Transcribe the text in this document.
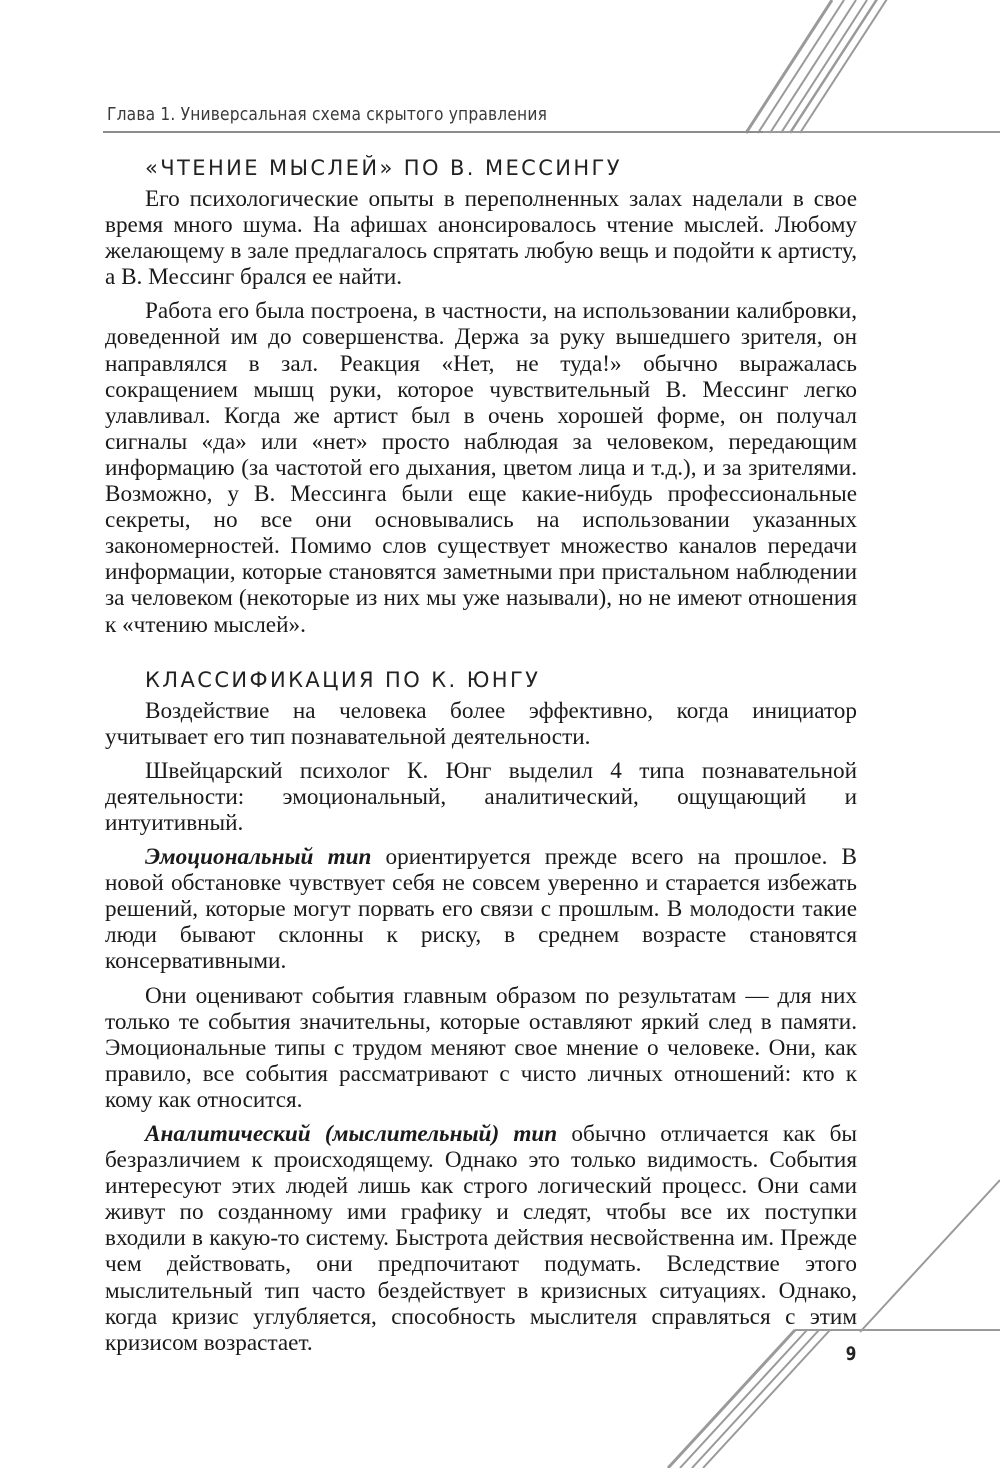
Глава 1. Универсальная схема скрытого управления
«ЧТЕНИЕ МЫСЛЕЙ» ПО В. МЕССИНГУ

Его психологические опыты в переполненных залах наделали в свое время много шума. На афишах анонсировалось чтение мыслей. Любому желающему в зале предлагалось спрятать любую вещь и подойти к артисту, а В. Мессинг брался ее найти.

Работа его была построена, в частности, на использовании калибровки, доведенной им до совершенства. Держа за руку вышедшего зрителя, он направлялся в зал. Реакция «Нет, не туда!» обычно выражалась сокращением мышц руки, которое чувствительный В. Мессинг легко улавливал. Когда же артист был в очень хорошей форме, он получал сигналы «да» или «нет» просто наблюдая за человеком, передающим информацию (за частотой его дыхания, цветом лица и т.д.), и за зрителями. Возможно, у В. Мессинга были еще какие-нибудь профессиональные секреты, но все они основывались на использовании указанных закономерностей. Помимо слов существует множество каналов передачи информации, которые становятся заметными при пристальном наблюдении за человеком (некоторые из них мы уже называли), но не имеют отношения к «чтению мыслей».

КЛАССИФИКАЦИЯ ПО К. ЮНГУ

Воздействие на человека более эффективно, когда инициатор учитывает его тип познавательной деятельности.

Швейцарский психолог К. Юнг выделил 4 типа познавательной деятельности: эмоциональный, аналитический, ощущающий и интуитивный.

Эмоциональный тип ориентируется прежде всего на прошлое. В новой обстановке чувствует себя не совсем уверенно и старается избежать решений, которые могут порвать его связи с прошлым. В молодости такие люди бывают склонны к риску, в среднем возрасте становятся консервативными.

Они оценивают события главным образом по результатам — для них только те события значительны, которые оставляют яркий след в памяти. Эмоциональные типы с трудом меняют свое мнение о человеке. Они, как правило, все события рассматривают с чисто личных отношений: кто к кому как относится.

Аналитический (мыслительный) тип обычно отличается как бы безразличием к происходящему. Однако это только видимость. События интересуют этих людей лишь как строго логический процесс. Они сами живут по созданному ими графику и следят, чтобы все их поступки входили в какую-то систему. Быстрота действия несвойственна им. Прежде чем действовать, они предпочитают подумать. Вследствие этого мыслительный тип часто бездействует в кризисных ситуациях. Однако, когда кризис углубляется, способность мыслителя справляться с этим кризисом возрастает.	9
